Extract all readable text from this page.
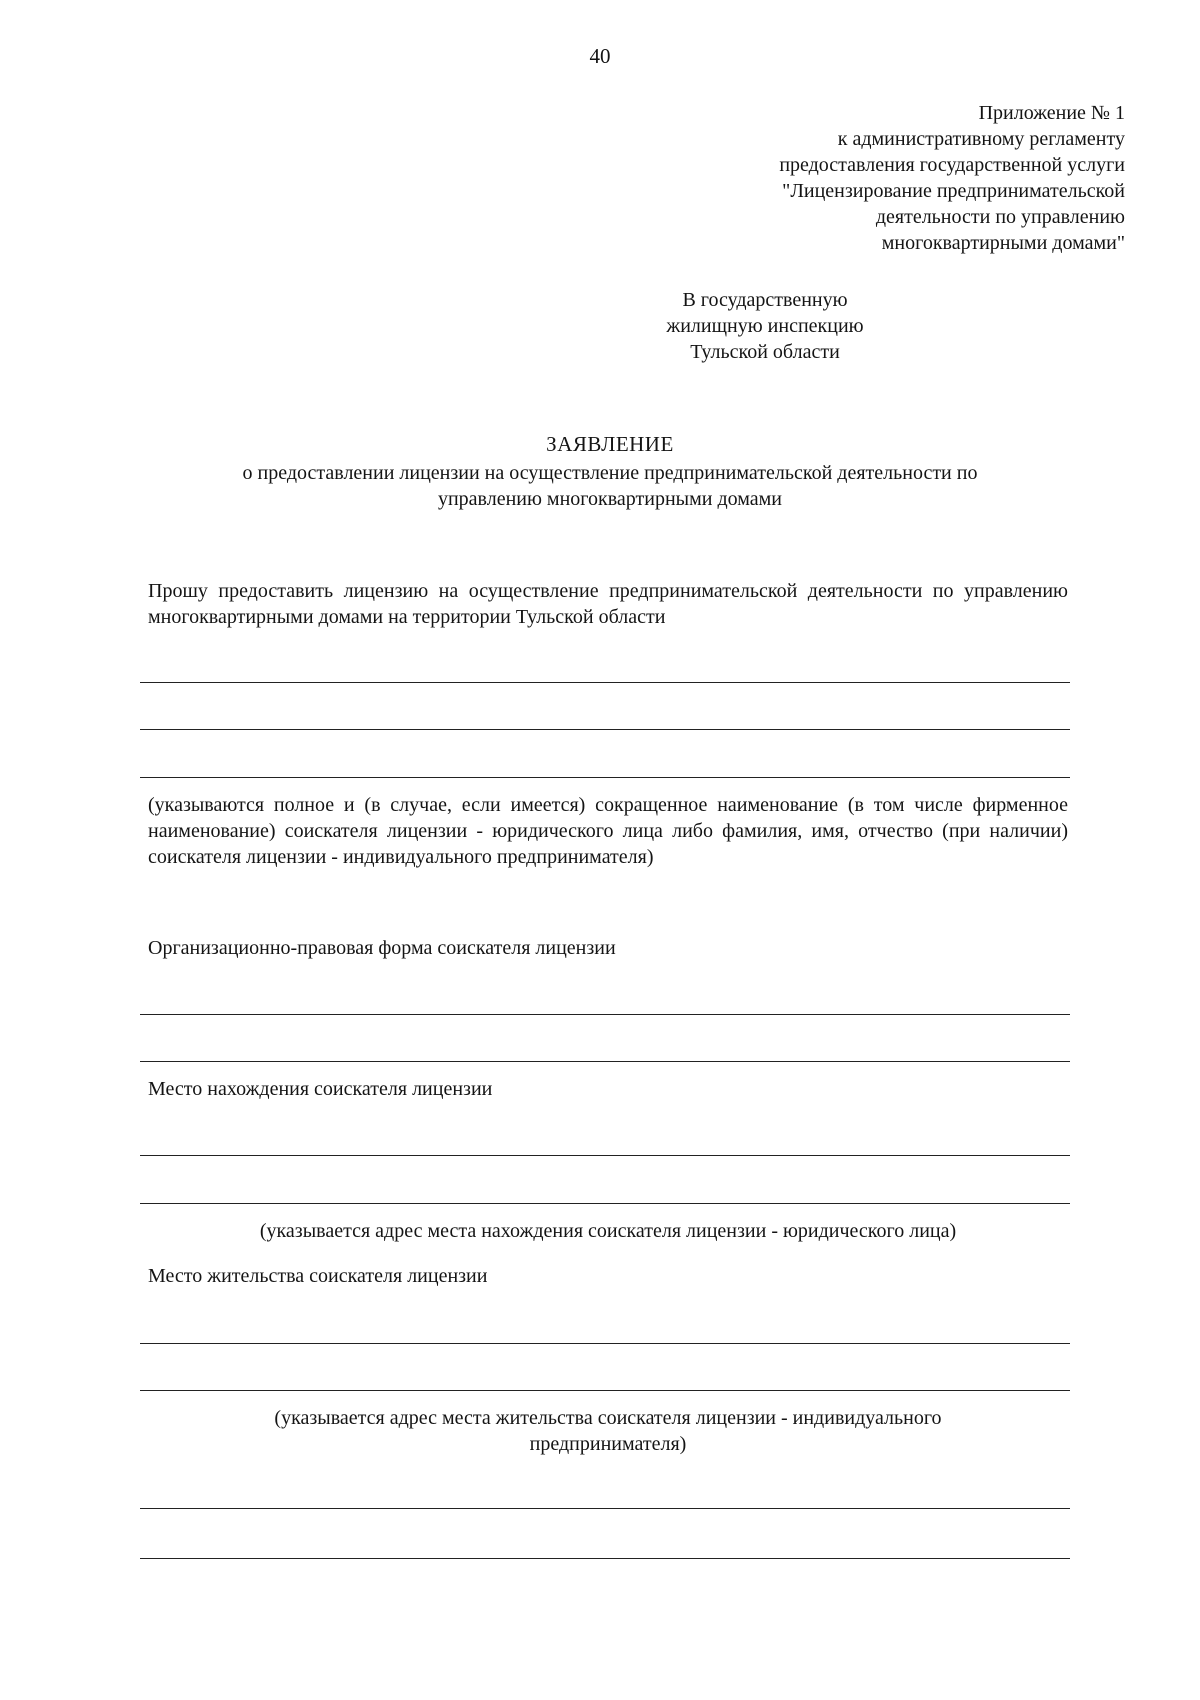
40
Приложение № 1
к административному регламенту
предоставления государственной услуги
"Лицензирование предпринимательской
деятельности по управлению
многоквартирными домами"
В государственную
жилищную инспекцию
Тульской области
ЗАЯВЛЕНИЕ
о предоставлении лицензии на осуществление предпринимательской деятельности по
управлению многоквартирными домами
Прошу предоставить лицензию на осуществление предпринимательской деятельности по управлению многоквартирными домами на территории Тульской области
(указываются полное и (в случае, если имеется) сокращенное наименование (в том числе фирменное наименование) соискателя лицензии - юридического лица либо фамилия, имя, отчество (при наличии) соискателя лицензии - индивидуального предпринимателя)
Организационно-правовая форма соискателя лицензии
Место нахождения соискателя лицензии
(указывается адрес места нахождения соискателя лицензии - юридического лица)
Место жительства соискателя лицензии
(указывается адрес места жительства соискателя лицензии - индивидуального
предпринимателя)
